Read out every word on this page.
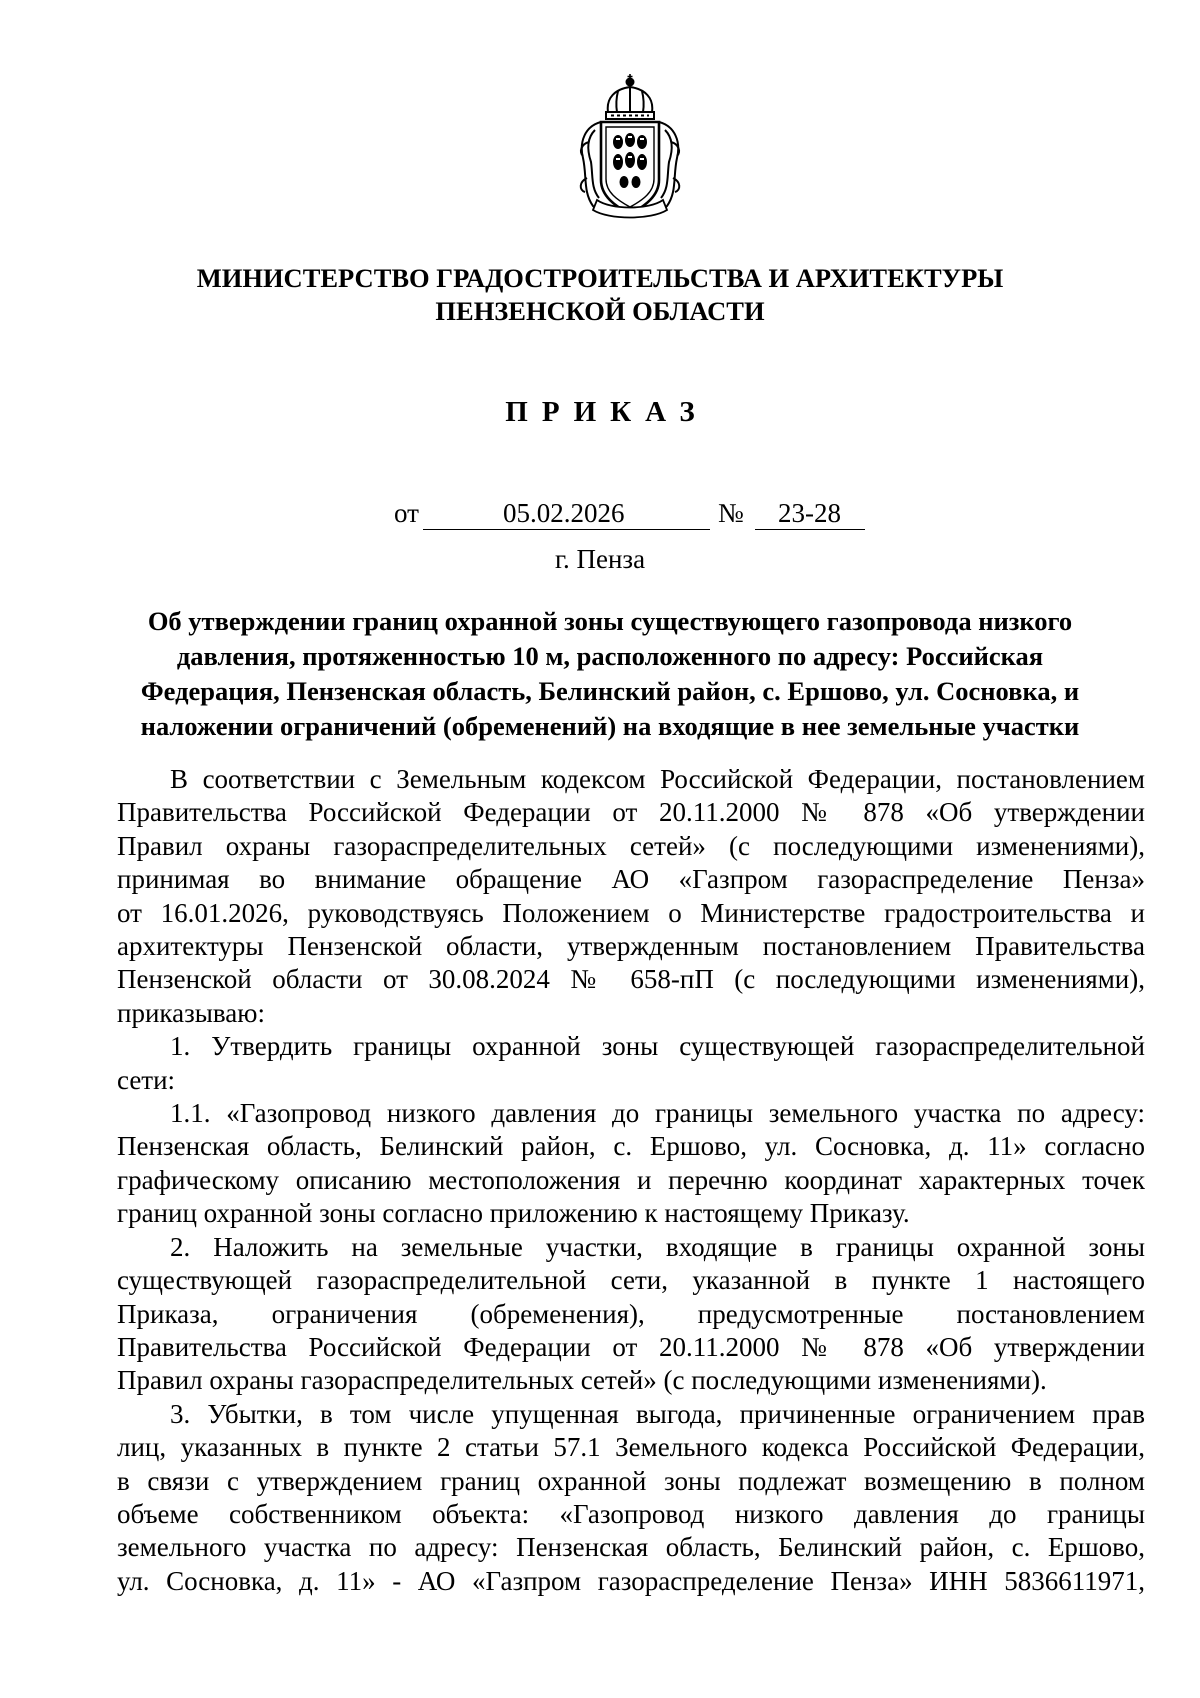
МИНИСТЕРСТВО ГРАДОСТРОИТЕЛЬСТВА И АРХИТЕКТУРЫ
ПЕНЗЕНСКОЙ ОБЛАСТИ
ПРИКАЗ
от	05.02.2026	№ 23-28
г. Пенза
Об утверждении границ охранной зоны существующего газопровода низкого
давления, протяженностью 10 м, расположенного по адресу: Российская
Федерация, Пензенская область, Белинский район, с. Ершово, ул. Сосновка, и
наложении ограничений (обременений) на входящие в нее земельные участки

В соответствии с Земельным кодексом Российской Федерации, постановлением

Правительства Российской Федерации от 20.11.2000 № 878 «Об утверждении

Правил охраны газораспределительных сетей» (с последующими изменениями),

принимая во внимание обращение АО «Газпром газораспределение Пенза»

от 16.01.2026, руководствуясь Положением о Министерстве градостроительства и

архитектуры Пензенской области, утвержденным постановлением Правительства

Пензенской области от 30.08.2024 № 658-пП (с последующими изменениями),

приказываю:

1. Утвердить границы охранной зоны существующей газораспределительной

сети:

1.1. «Газопровод низкого давления до границы земельного участка по адресу:

Пензенская область, Белинский район, с. Ершово, ул. Сосновка, д. 11» согласно

графическому описанию местоположения и перечню координат характерных точек

границ охранной зоны согласно приложению к настоящему Приказу.

2. Наложить на земельные участки, входящие в границы охранной зоны

существующей газораспределительной сети, указанной в пункте 1 настоящего

Приказа, ограничения (обременения), предусмотренные постановлением

Правительства Российской Федерации от 20.11.2000 № 878 «Об утверждении

Правил охраны газораспределительных сетей» (с последующими изменениями).

3. Убытки, в том числе упущенная выгода, причиненные ограничением прав

лиц, указанных в пункте 2 статьи 57.1 Земельного кодекса Российской Федерации,

в связи с утверждением границ охранной зоны подлежат возмещению в полном

объеме собственником объекта: «Газопровод низкого давления до границы

земельного участка по адресу: Пензенская область, Белинский район, с. Ершово,

ул. Сосновка, д. 11» - АО «Газпром газораспределение Пенза» ИНН 5836611971,
